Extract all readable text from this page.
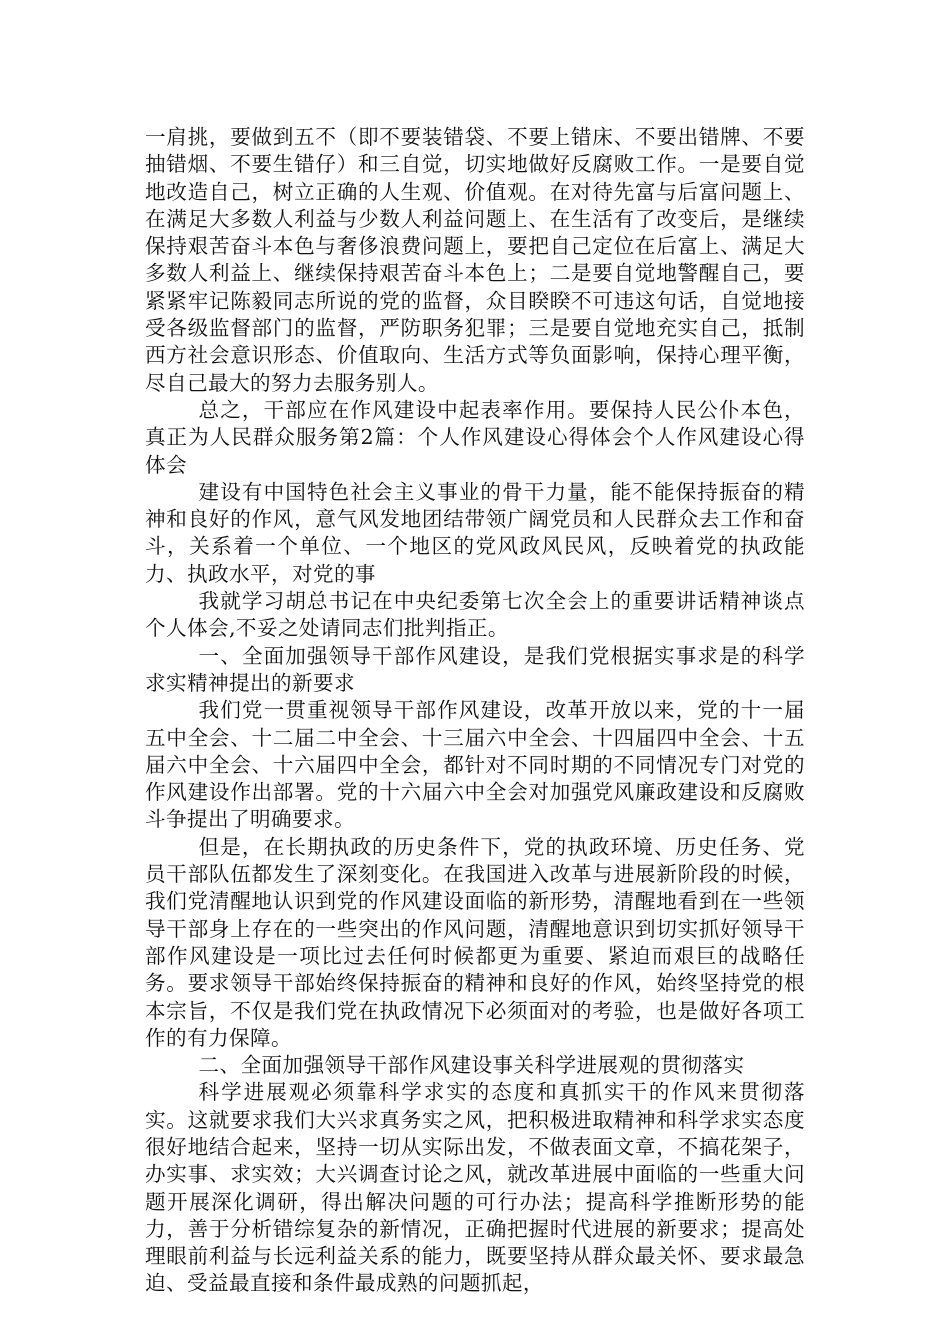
一肩挑，要做到五不（即不要装错袋、不要上错床、不要出错牌、不要抽错烟、不要生错仔）和三自觉，切实地做好反腐败工作。一是要自觉地改造自己，树立正确的人生观、价值观。在对待先富与后富问题上、在满足大多数人利益与少数人利益问题上、在生活有了改变后，是继续保持艰苦奋斗本色与奢侈浪费问题上，要把自己定位在后富上、满足大多数人利益上、继续保持艰苦奋斗本色上；二是要自觉地警醒自己，要紧紧牢记陈毅同志所说的党的监督，众目睽睽不可违这句话，自觉地接受各级监督部门的监督，严防职务犯罪；三是要自觉地充实自己，抵制西方社会意识形态、价值取向、生活方式等负面影响，保持心理平衡，尽自己最大的努力去服务别人。

总之，干部应在作风建设中起表率作用。要保持人民公仆本色，真正为人民群众服务第2篇：个人作风建设心得体会个人作风建设心得体会

建设有中国特色社会主义事业的骨干力量，能不能保持振奋的精神和良好的作风，意气风发地团结带领广阔党员和人民群众去工作和奋斗，关系着一个单位、一个地区的党风政风民风，反映着党的执政能力、执政水平，对党的事

我就学习胡总书记在中央纪委第七次全会上的重要讲话精神谈点个人体会,不妥之处请同志们批判指正。

一、全面加强领导干部作风建设，是我们党根据实事求是的科学求实精神提出的新要求

我们党一贯重视领导干部作风建设，改革开放以来，党的十一届五中全会、十二届二中全会、十三届六中全会、十四届四中全会、十五届六中全会、十六届四中全会，都针对不同时期的不同情况专门对党的作风建设作出部署。党的十六届六中全会对加强党风廉政建设和反腐败斗争提出了明确要求。

但是，在长期执政的历史条件下，党的执政环境、历史任务、党员干部队伍都发生了深刻变化。在我国进入改革与进展新阶段的时候，我们党清醒地认识到党的作风建设面临的新形势，清醒地看到在一些领导干部身上存在的一些突出的作风问题，清醒地意识到切实抓好领导干部作风建设是一项比过去任何时候都更为重要、紧迫而艰巨的战略任务。要求领导干部始终保持振奋的精神和良好的作风，始终坚持党的根本宗旨，不仅是我们党在执政情况下必须面对的考验，也是做好各项工作的有力保障。

二、全面加强领导干部作风建设事关科学进展观的贯彻落实

科学进展观必须靠科学求实的态度和真抓实干的作风来贯彻落实。这就要求我们大兴求真务实之风，把积极进取精神和科学求实态度很好地结合起来，坚持一切从实际出发，不做表面文章，不搞花架子，办实事、求实效；大兴调查讨论之风，就改革进展中面临的一些重大问题开展深化调研，得出解决问题的可行办法；提高科学推断形势的能力，善于分析错综复杂的新情况，正确把握时代进展的新要求；提高处理眼前利益与长远利益关系的能力，既要坚持从群众最关怀、要求最急迫、受益最直接和条件最成熟的问题抓起，
